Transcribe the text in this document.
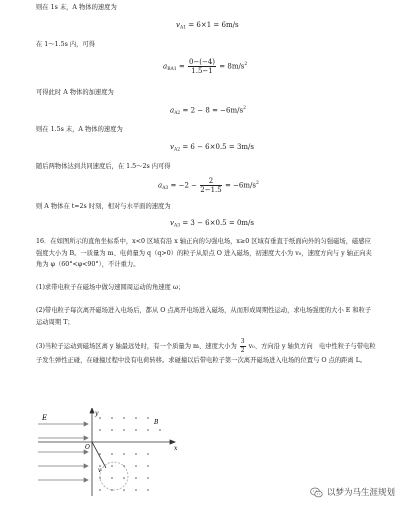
则在 1s 末，A 物体的速度为
$v_{A1} = 6\times 1 = 6m/s$
在 1～1.5s 内，可得
$a_{BA1} = \frac{0-(-4)}{1.5-1} = 8m/s^2$
可得此时 A 物体的加速度为
$a_{A2} = 2 - 8 = -6m/s^2$
则在 1.5s 末，A 物体的速度为
$v_{A2} = 6 - 6\times 0.5 = 3m/s$
随后两物体达到共同速度后，在 1.5～2s 内可得
$a_{A3} = -2 - \frac{2}{2-1.5} = -6m/s^2$
则 A 物体在 t=2s 时刻，相对与水平面的速度为
$v_{A3} = 3 - 6\times 0.5 = 0m/s$
16．在如图所示的直角坐标系中，x<0 区域有沿 x 轴正向的匀强电场，x≥0 区域有垂直于纸面向外的匀强磁场，磁感应强度大小为 B。一质量为 m、电荷量为 q（q>0）的粒子从原点 O 进入磁场，初速度大小为 v₀，速度方向与 y 轴正向夹角为 φ（60°<φ<90°），不计重力。
(1)求带电粒子在磁场中做匀速圆周运动的角速度 ω；
(2)带电粒子每次离开磁场进入电场后，都从 O 点离开电场进入磁场，从而形成周期性运动，求电场强度的大小 E 和粒子运动周期 T；
(3)当粒子运动到磁场区离 y 轴最远处时，有一个质量为 m、速度大小为 $\frac{3}{2} v_0$、方向沿 y 轴负方向　电中性粒子与带电粒子发生弹性正碰，在碰撞过程中没有电荷转移。求碰撞以后带电粒子第一次离开磁场进入电场的位置与 O 点的距离 L。
E
y
x
O
v
B
以梦为马生涯规划
